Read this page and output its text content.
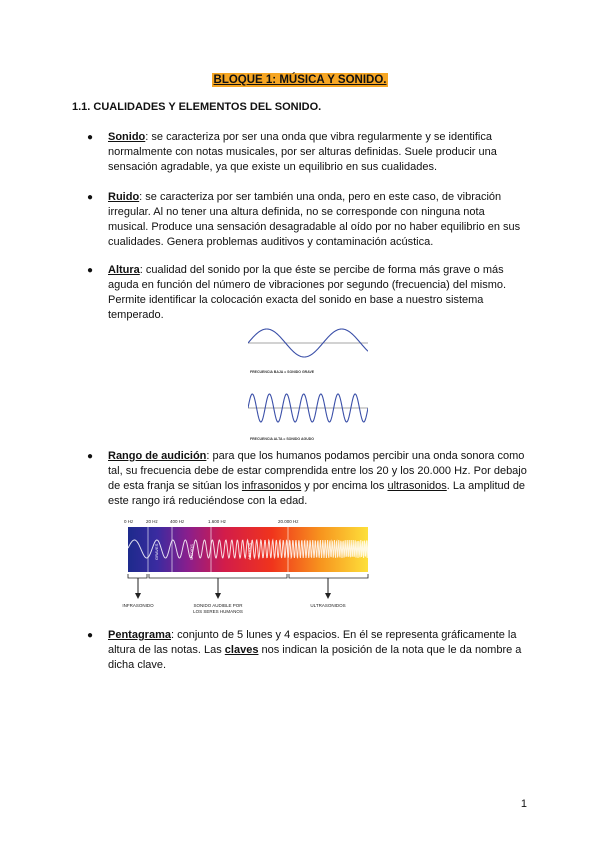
BLOQUE 1: MÚSICA Y SONIDO.
1.1. CUALIDADES Y ELEMENTOS DEL SONIDO.
● Sonido: se caracteriza por ser una onda que vibra regularmente y se identifica normalmente con notas musicales, por ser alturas definidas. Suele producir una sensación agradable, ya que existe un equilibrio en sus cualidades.
● Ruido: se caracteriza por ser también una onda, pero en este caso, de vibración irregular. Al no tener una altura definida, no se corresponde con ninguna nota musical. Produce una sensación desagradable al oído por no haber equilibrio en sus cualidades. Genera problemas auditivos y contaminación acústica.
● Altura: cualidad del sonido por la que éste se percibe de forma más grave o más aguda en función del número de vibraciones por segundo (frecuencia) del mismo. Permite identificar la colocación exacta del sonido en base a nuestro sistema temperado.
FRECUENCIA BAJA = SONIDO GRAVE
FRECUENCIA ALTA = SONIDO AGUDO
● Rango de audición: para que los humanos podamos percibir una onda sonora como tal, su frecuencia debe de estar comprendida entre los 20 y los 20.000 Hz. Por debajo de esta franja se sitúan los infrasonidos y por encima los ultrasonidos. La amplitud de este rango irá reduciéndose con la edad.
0 Hz	20 Hz	400 Hz	1.600 Hz	20.000 Hz
GRAVES	MEDIOS	AGUDOS
INFRASONIDO	SONIDO AUDIBLE POR
LOS SERES HUMANOS
ULTRASONIDOS
● Pentagrama: conjunto de 5 lunes y 4 espacios. En él se representa gráficamente la altura de las notas. Las claves nos indican la posición de la nota que le da nombre a dicha clave.
1
